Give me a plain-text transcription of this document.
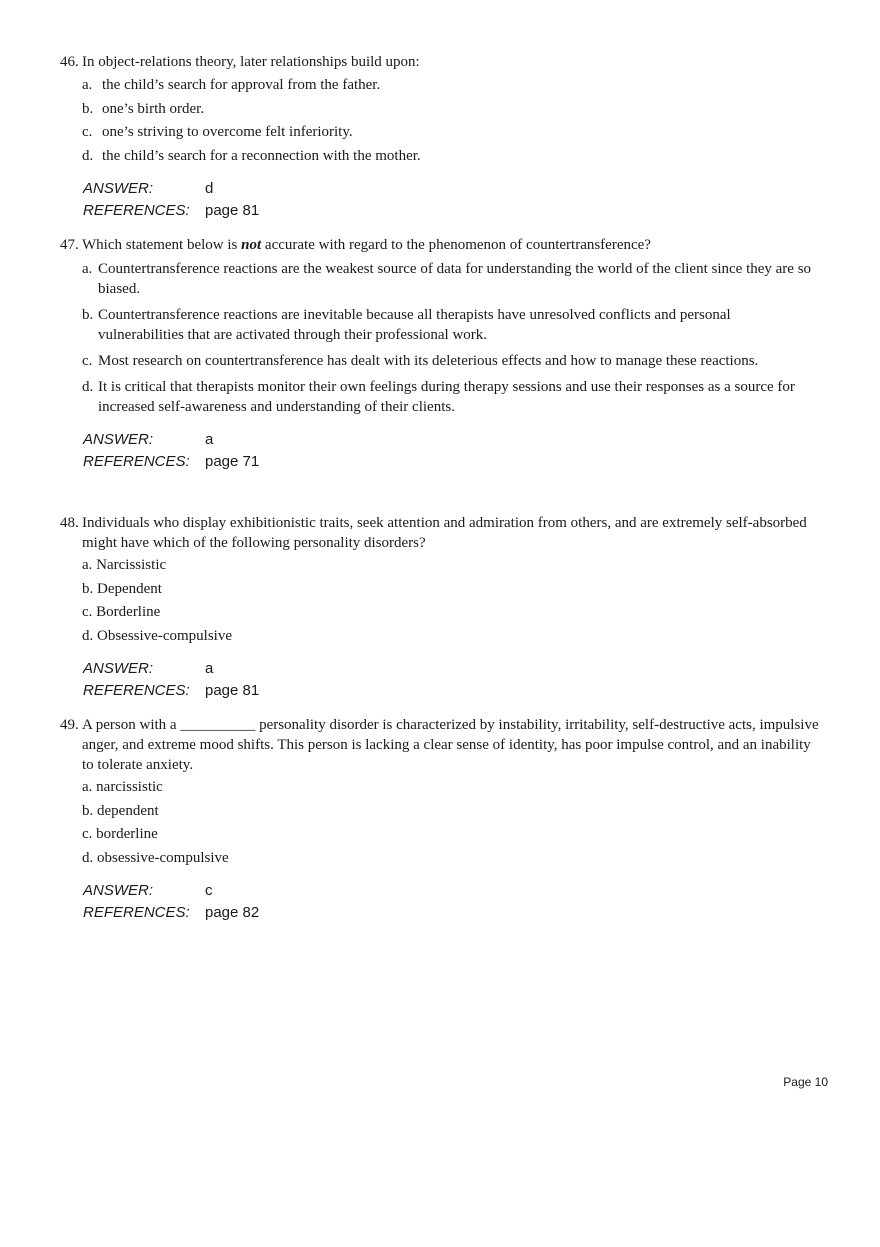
46. In object-relations theory, later relationships build upon:
a. the child’s search for approval from the father.
b. one’s birth order.
c. one’s striving to overcome felt inferiority.
d. the child’s search for a reconnection with the mother.
ANSWER:	d
REFERENCES:	page 81
47. Which statement below is not accurate with regard to the phenomenon of countertransference?
a. Countertransference reactions are the weakest source of data for understanding the world of the client since they are so biased.
b. Countertransference reactions are inevitable because all therapists have unresolved conflicts and personal vulnerabilities that are activated through their professional work.
c. Most research on countertransference has dealt with its deleterious effects and how to manage these reactions.
d. It is critical that therapists monitor their own feelings during therapy sessions and use their responses as a source for increased self-awareness and understanding of their clients.
ANSWER:	a
REFERENCES:	page 71
48. Individuals who display exhibitionistic traits, seek attention and admiration from others, and are extremely self-absorbed might have which of the following personality disorders?
a. Narcissistic
b. Dependent
c. Borderline
d. Obsessive-compulsive
ANSWER:	a
REFERENCES:	page 81
49. A person with a __________ personality disorder is characterized by instability, irritability, self-destructive acts, impulsive anger, and extreme mood shifts. This person is lacking a clear sense of identity, has poor impulse control, and an inability to tolerate anxiety.
a. narcissistic
b. dependent
c. borderline
d. obsessive-compulsive
ANSWER:	c
REFERENCES:	page 82
Page 10
